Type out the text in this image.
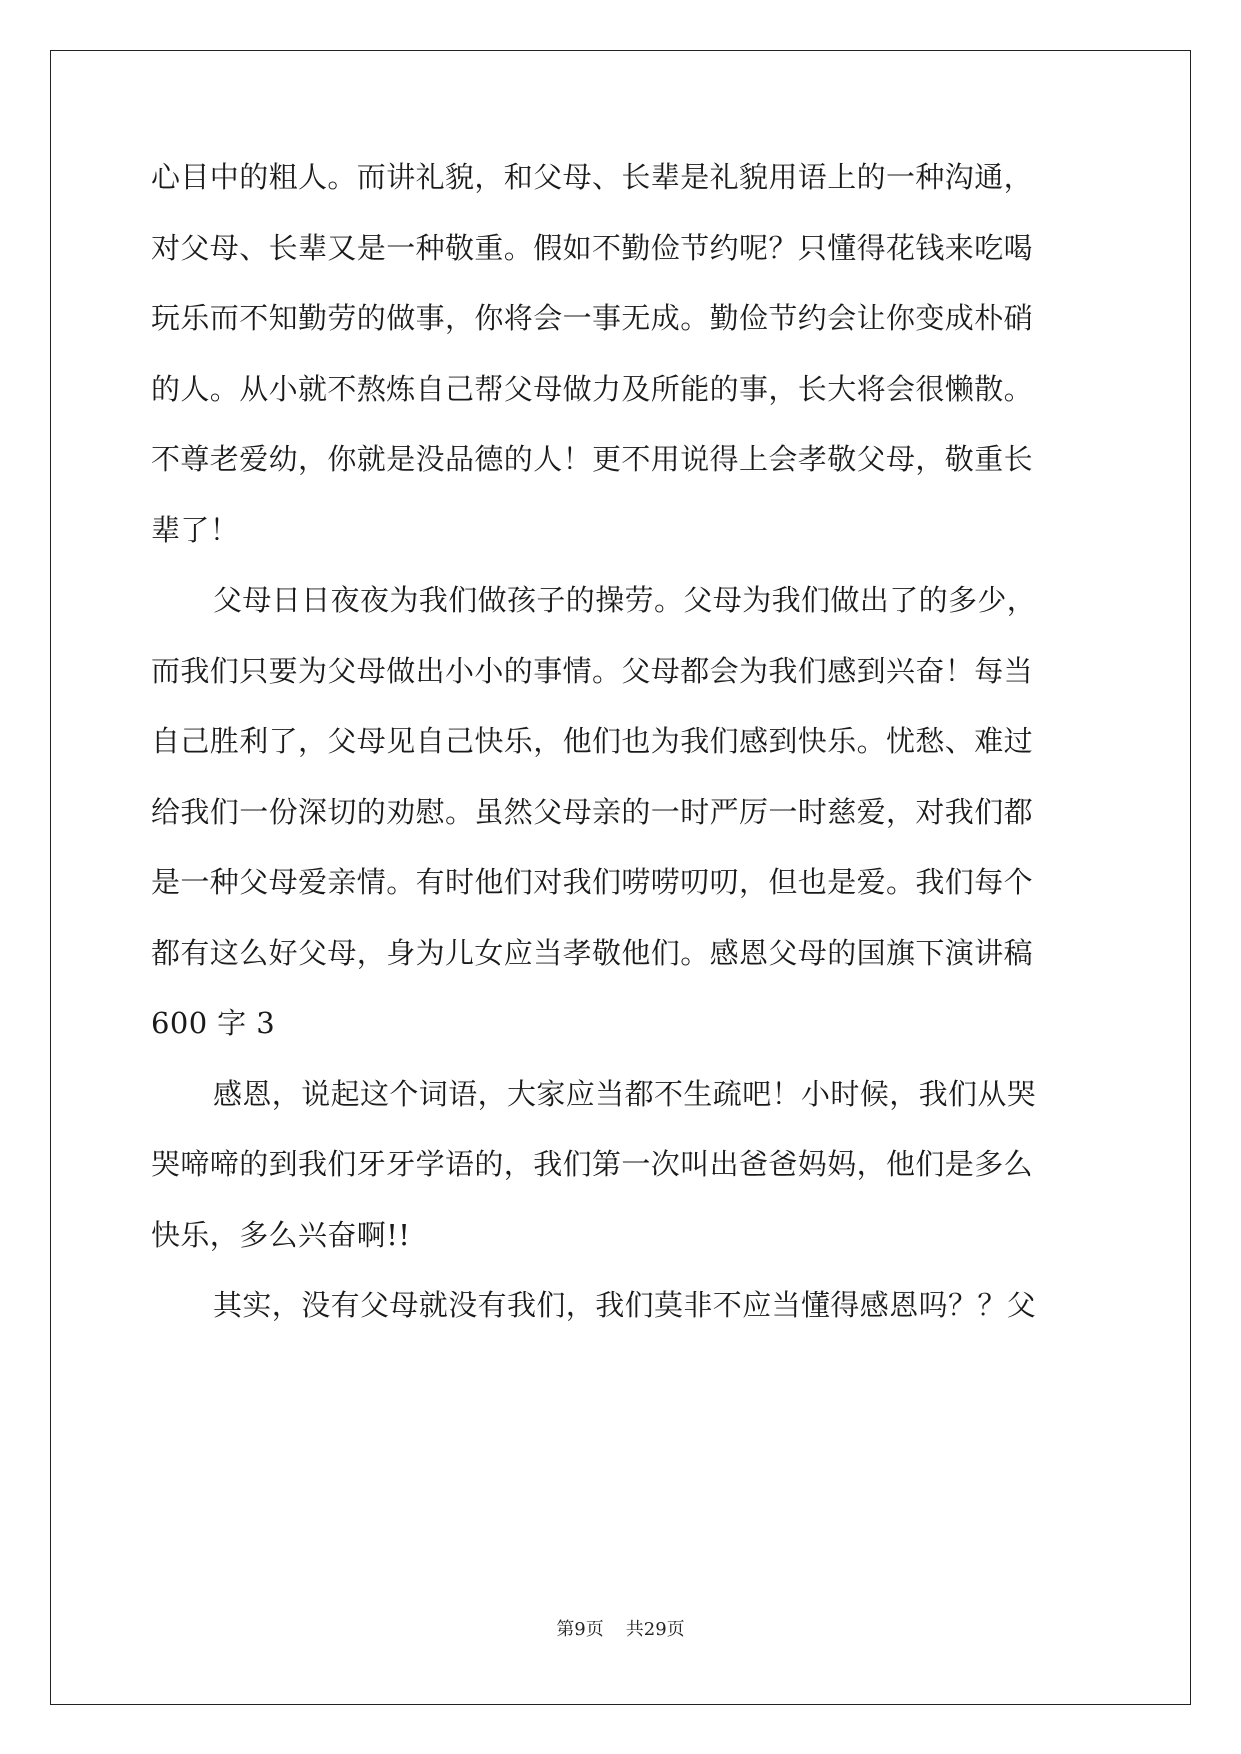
心目中的粗人。而讲礼貌，和父母、长辈是礼貌用语上的一种沟通，
对父母、长辈又是一种敬重。假如不勤俭节约呢？只懂得花钱来吃喝
玩乐而不知勤劳的做事，你将会一事无成。勤俭节约会让你变成朴硝
的人。从小就不熬炼自己帮父母做力及所能的事，长大将会很懒散。
不尊老爱幼，你就是没品德的人！更不用说得上会孝敬父母，敬重长
辈了！
父母日日夜夜为我们做孩子的操劳。父母为我们做出了的多少，
而我们只要为父母做出小小的事情。父母都会为我们感到兴奋！每当
自己胜利了，父母见自己快乐，他们也为我们感到快乐。忧愁、难过
给我们一份深切的劝慰。虽然父母亲的一时严厉一时慈爱，对我们都
是一种父母爱亲情。有时他们对我们唠唠叨叨，但也是爱。我们每个
都有这么好父母，身为儿女应当孝敬他们。感恩父母的国旗下演讲稿
600 字 3
感恩，说起这个词语，大家应当都不生疏吧！小时候，我们从哭
哭啼啼的到我们牙牙学语的，我们第一次叫出爸爸妈妈，他们是多么
快乐，多么兴奋啊!!
其实，没有父母就没有我们，我们莫非不应当懂得感恩吗？？父
第9页 共29页
